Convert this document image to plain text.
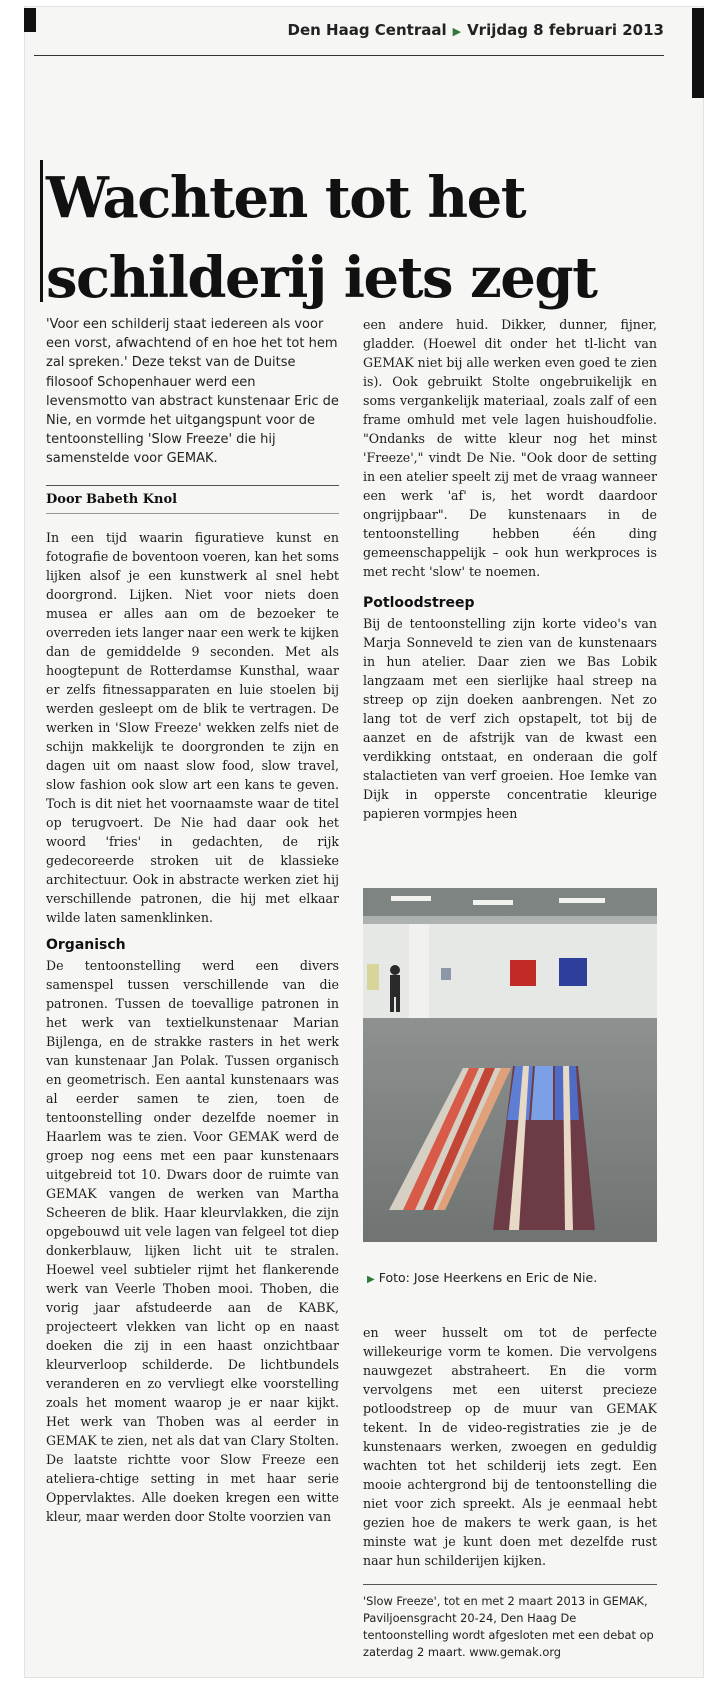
Den Haag Centraal ▶ Vrijdag 8 februari 2013
Wachten tot het
schilderij iets zegt

'Voor een schilderij staat iedereen als voor een vorst, afwachtend of en hoe het tot hem zal spreken.' Deze tekst van de Duitse filosoof Schopenhauer werd een levensmotto van abstract kunstenaar Eric de Nie, en vormde het uitgangspunt voor de tentoonstelling 'Slow Freeze' die hij samenstelde voor GEMAK.

Door Babeth Knol

In een tijd waarin figuratieve kunst en fotografie de boventoon voeren, kan het soms lijken alsof je een kunstwerk al snel hebt doorgrond. Lijken. Niet voor niets doen musea er alles aan om de bezoeker te overreden iets langer naar een werk te kijken dan de gemiddelde 9 seconden. Met als hoogtepunt de Rotterdamse Kunsthal, waar er zelfs fitnessapparaten en luie stoelen bij werden gesleept om de blik te vertragen. De werken in 'Slow Freeze' wekken zelfs niet de schijn makkelijk te doorgronden te zijn en dagen uit om naast slow food, slow travel, slow fashion ook slow art een kans te geven. Toch is dit niet het voornaamste waar de titel op terugvoert. De Nie had daar ook het woord 'fries' in gedachten, de rijk gedecoreerde stroken uit de klassieke architectuur. Ook in abstracte werken ziet hij verschillende patronen, die hij met elkaar wilde laten samenklinken.

Organisch

De tentoonstelling werd een divers samenspel tussen verschillende van die patronen. Tussen de toevallige patronen in het werk van textielkunstenaar Marian Bijlenga, en de strakke rasters in het werk van kunstenaar Jan Polak. Tussen organisch en geometrisch. Een aantal kunstenaars was al eerder samen te zien, toen de tentoonstelling onder dezelfde noemer in Haarlem was te zien. Voor GEMAK werd de groep nog eens met een paar kunstenaars uitgebreid tot 10. Dwars door de ruimte van GEMAK vangen de werken van Martha Scheeren de blik. Haar kleurvlakken, die zijn opgebouwd uit vele lagen van felgeel tot diep donkerblauw, lijken licht uit te stralen. Hoewel veel subtieler rijmt het flankerende werk van Veerle Thoben mooi. Thoben, die vorig jaar afstudeerde aan de KABK, projecteert vlekken van licht op en naast doeken die zij in een haast onzichtbaar kleurverloop schilderde. De lichtbundels veranderen en zo vervliegt elke voorstelling zoals het moment waarop je er naar kijkt. Het werk van Thoben was al eerder in GEMAK te zien, net als dat van Clary Stolten. De laatste richtte voor Slow Freeze een ateliera-chtige setting in met haar serie Oppervlaktes. Alle doeken kregen een witte kleur, maar werden door Stolte voorzien van

een andere huid. Dikker, dunner, fijner, gladder. (Hoewel dit onder het tl-licht van GEMAK niet bij alle werken even goed te zien is). Ook gebruikt Stolte ongebruikelijk en soms vergankelijk materiaal, zoals zalf of een frame omhuld met vele lagen huishoudfolie. "Ondanks de witte kleur nog het minst 'Freeze'," vindt De Nie. "Ook door de setting in een atelier speelt zij met de vraag wanneer een werk 'af' is, het wordt daardoor ongrijpbaar". De kunstenaars in de tentoonstelling hebben één ding gemeenschappelijk – ook hun werkproces is met recht 'slow' te noemen.

Potloodstreep

Bij de tentoonstelling zijn korte video's van Marja Sonneveld te zien van de kunstenaars in hun atelier. Daar zien we Bas Lobik langzaam met een sierlijke haal streep na streep op zijn doeken aanbrengen. Net zo lang tot de verf zich opstapelt, tot bij de aanzet en de afstrijk van de kwast een verdikking ontstaat, en onderaan die golf stalactieten van verf groeien. Hoe Iemke van Dijk in opperste concentratie kleurige papieren vormpjes heen

▶ Foto: Jose Heerkens en Eric de Nie.

en weer husselt om tot de perfecte willekeurige vorm te komen. Die vervolgens nauwgezet abstraheert. En die vorm vervolgens met een uiterst precieze potloodstreep op de muur van GEMAK tekent. In de video-registraties zie je de kunstenaars werken, zwoegen en geduldig wachten tot het schilderij iets zegt. Een mooie achtergrond bij de tentoonstelling die niet voor zich spreekt. Als je eenmaal hebt gezien hoe de makers te werk gaan, is het minste wat je kunt doen met dezelfde rust naar hun schilderijen kijken.

'Slow Freeze', tot en met 2 maart 2013 in GEMAK, Paviljoensgracht 20-24, Den Haag De tentoonstelling wordt afgesloten met een debat op zaterdag 2 maart. www.gemak.org
